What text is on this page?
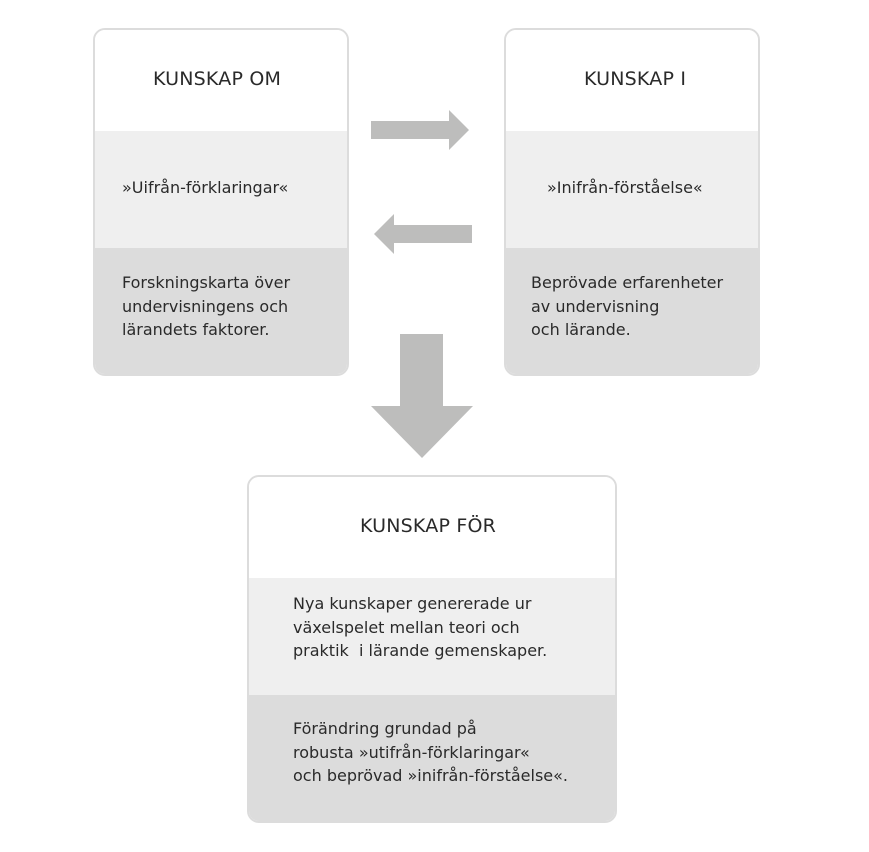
KUNSKAP OM
»Uifrån-förklaringar«
Forskningskarta över
undervisningens och
lärandets faktorer.
KUNSKAP I
»Inifrån-förståelse«
Beprövade erfarenheter
av undervisning
och lärande.
KUNSKAP FÖR
Nya kunskaper genererade ur
växelspelet mellan teori och
praktik  i lärande gemenskaper.
Förändring grundad på
robusta »utifrån-förklaringar«
och beprövad »inifrån-förståelse«.
